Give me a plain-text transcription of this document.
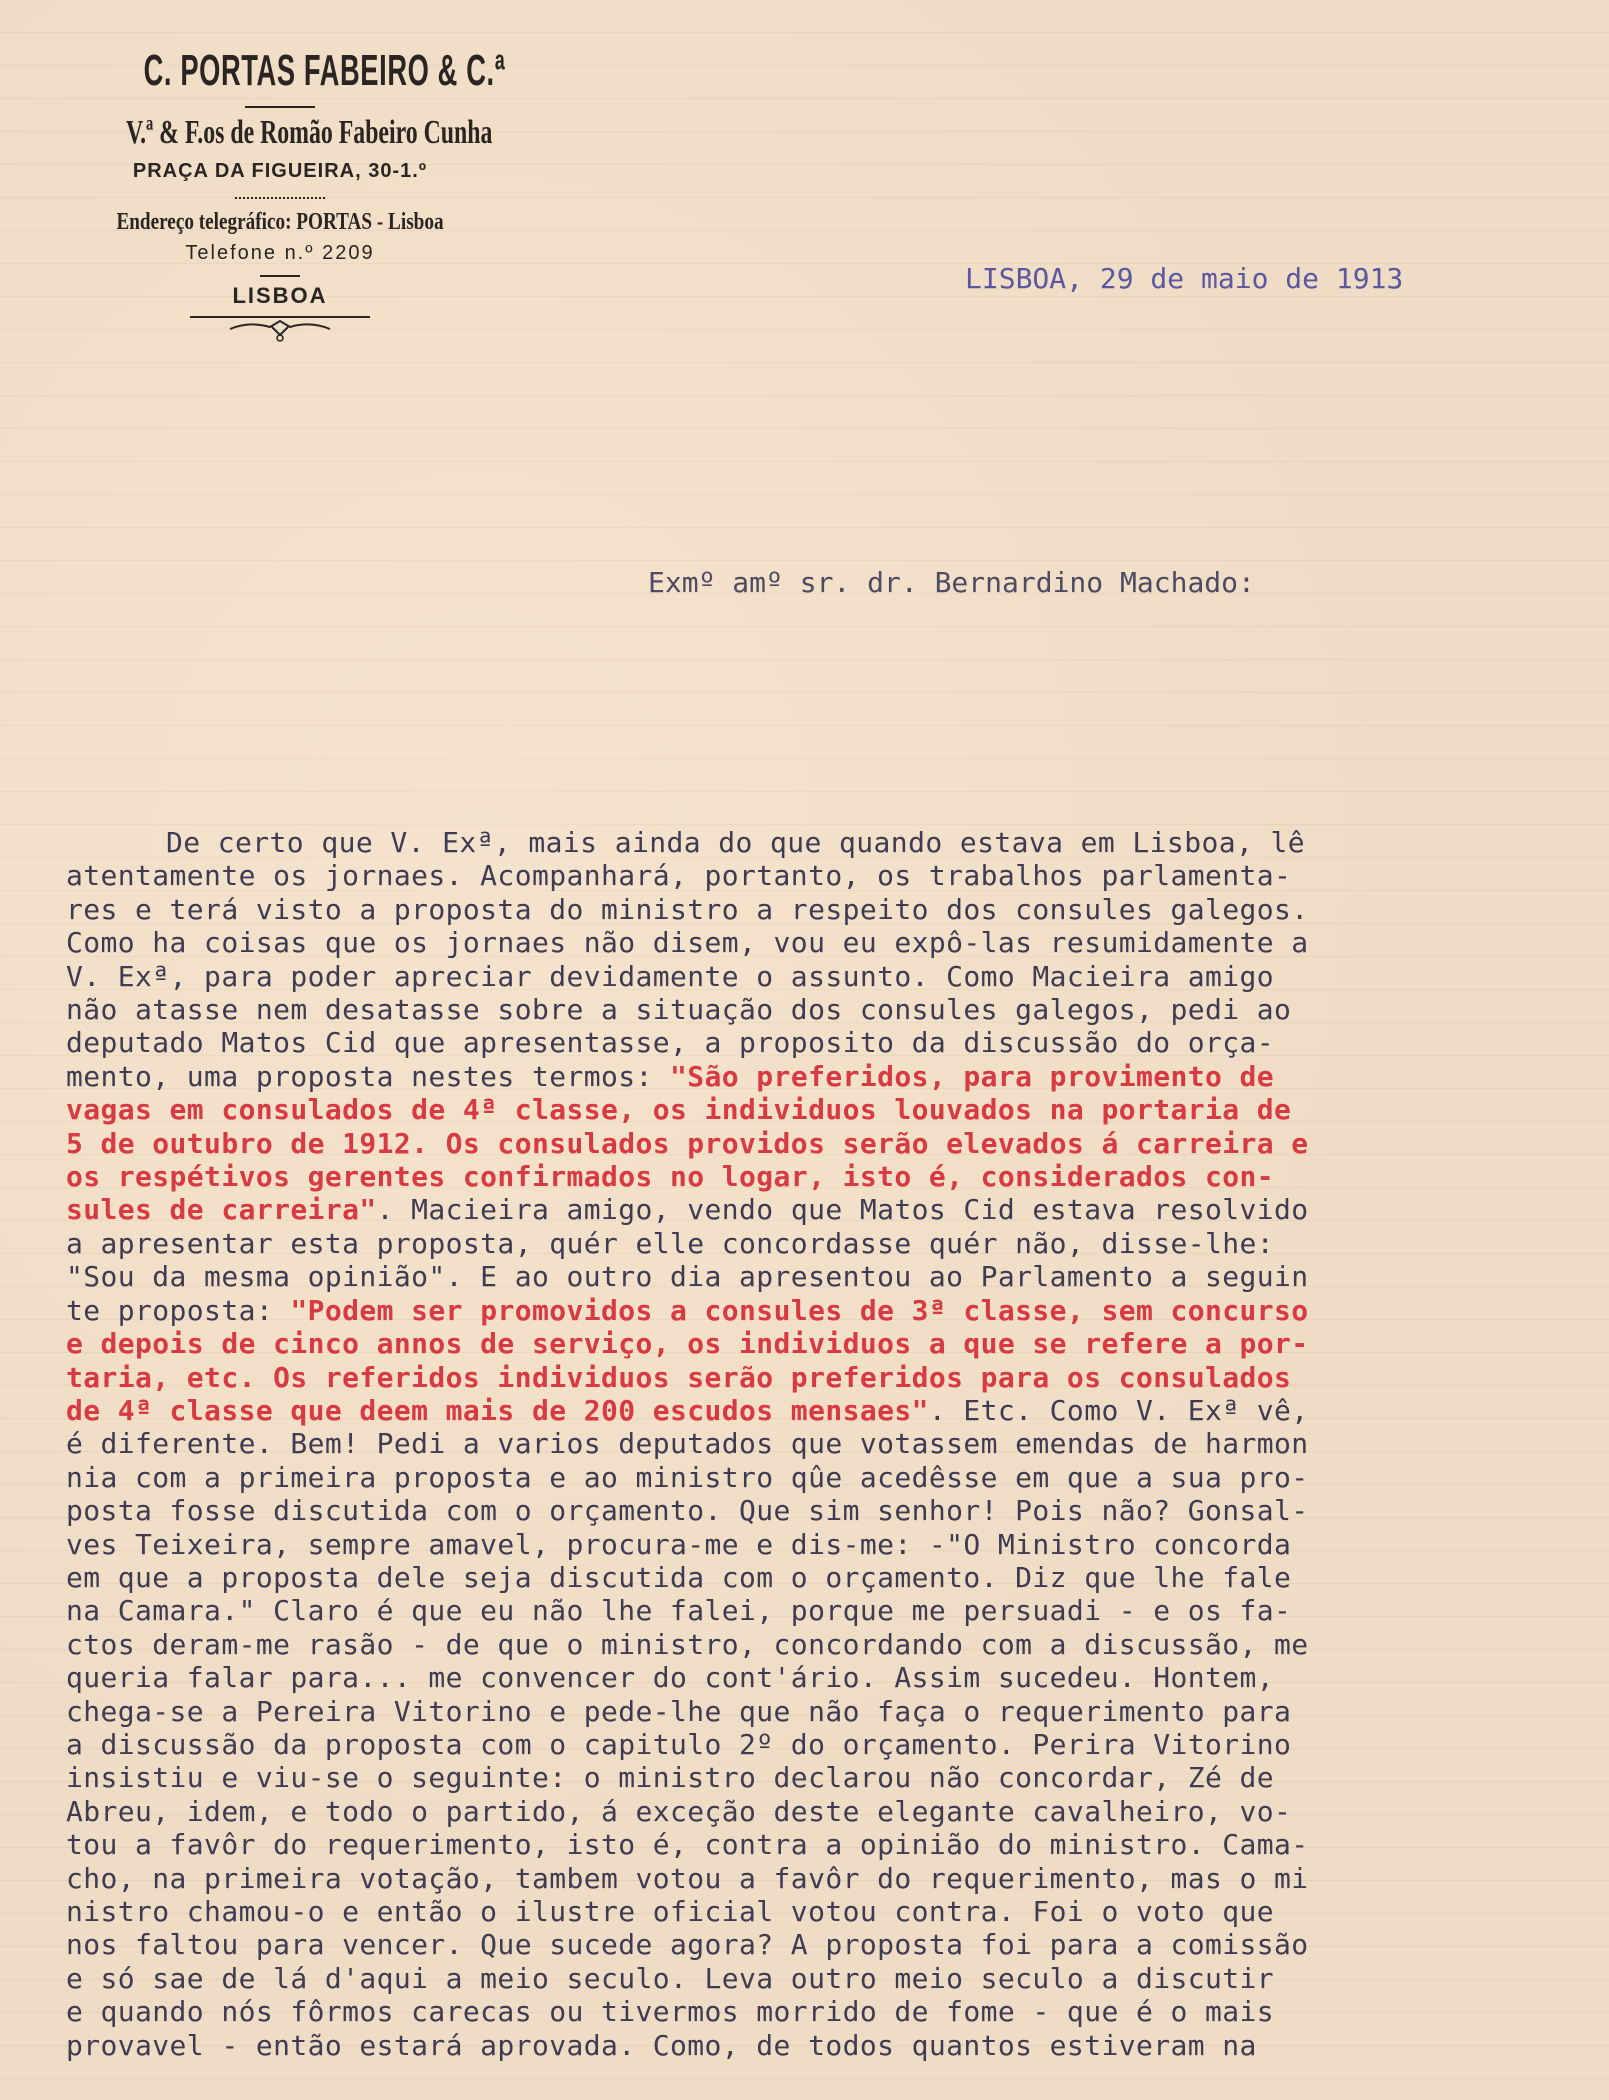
C. PORTAS FABEIRO & C.ª
V.ª & F.os de Romão Fabeiro Cunha
PRAÇA DA FIGUEIRA, 30-1.º
Endereço telegráfico: PORTAS - Lisboa
Telefone n.º 2209
LISBOA
LISBOA, 29 de maio de 1913
Exmº amº sr. dr. Bernardino Machado:
De certo que V. Exª, mais ainda do que quando estava em Lisboa, lê
atentamente os jornaes. Acompanhará, portanto, os trabalhos parlamenta-
res e terá visto a proposta do ministro a respeito dos consules galegos.
Como ha coisas que os jornaes não disem, vou eu expô-las resumidamente a
V. Exª, para poder apreciar devidamente o assunto. Como Macieira amigo
não atasse nem desatasse sobre a situação dos consules galegos, pedi ao
deputado Matos Cid que apresentasse, a proposito da discussão do orça-
mento, uma proposta nestes termos: "São preferidos, para provimento de
vagas em consulados de 4ª classe, os individuos louvados na portaria de
5 de outubro de 1912. Os consulados providos serão elevados á carreira e
os respétivos gerentes confirmados no logar, isto é, considerados con-
sules de carreira". Macieira amigo, vendo que Matos Cid estava resolvido
a apresentar esta proposta, quér elle concordasse quér não, disse-lhe:
"Sou da mesma opinião". E ao outro dia apresentou ao Parlamento a seguin
te proposta: "Podem ser promovidos a consules de 3ª classe, sem concurso
e depois de cinco annos de serviço, os individuos a que se refere a por-
taria, etc. Os referidos individuos serão preferidos para os consulados
de 4ª classe que deem mais de 200 escudos mensaes". Etc. Como V. Exª vê,
é diferente. Bem! Pedi a varios deputados que votassem emendas de harmon
nia com a primeira proposta e ao ministro qûe acedêsse em que a sua pro-
posta fosse discutida com o orçamento. Que sim senhor! Pois não? Gonsal-
ves Teixeira, sempre amavel, procura-me e dis-me: -"O Ministro concorda
em que a proposta dele seja discutida com o orçamento. Diz que lhe fale
na Camara." Claro é que eu não lhe falei, porque me persuadi - e os fa-
ctos deram-me rasão - de que o ministro, concordando com a discussão, me
queria falar para... me convencer do cont'ário. Assim sucedeu. Hontem,
chega-se a Pereira Vitorino e pede-lhe que não faça o requerimento para
a discussão da proposta com o capitulo 2º do orçamento. Perira Vitorino
insistiu e viu-se o seguinte: o ministro declarou não concordar, Zé de
Abreu, idem, e todo o partido, á exceção deste elegante cavalheiro, vo-
tou a favôr do requerimento, isto é, contra a opinião do ministro. Cama-
cho, na primeira votação, tambem votou a favôr do requerimento, mas o mi
nistro chamou-o e então o ilustre oficial votou contra. Foi o voto que
nos faltou para vencer. Que sucede agora? A proposta foi para a comissão
e só sae de lá d'aqui a meio seculo. Leva outro meio seculo a discutir
e quando nós fôrmos carecas ou tivermos morrido de fome - que é o mais
provavel - então estará aprovada. Como, de todos quantos estiveram na
